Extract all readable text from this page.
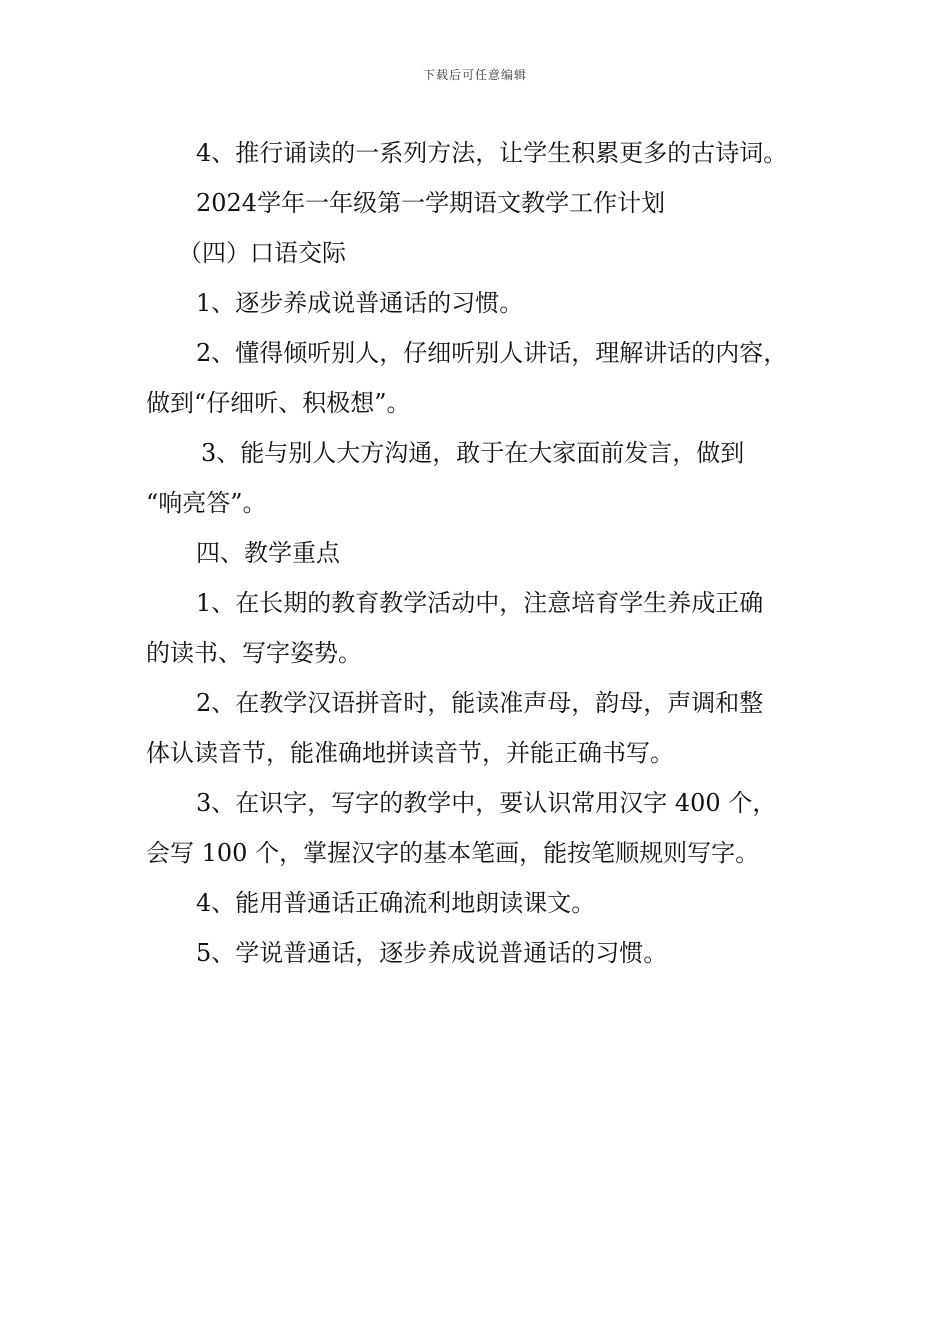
下载后可任意编辑
4、推行诵读的一系列方法，让学生积累更多的古诗词。
2024学年一年级第一学期语文教学工作计划
（四）口语交际
1、逐步养成说普通话的习惯。
2、懂得倾听别人，仔细听别人讲话，理解讲话的内容，
做到“仔细听、积极想”。
3、能与别人大方沟通，敢于在大家面前发言，做到
“响亮答”。
四、教学重点
1、在长期的教育教学活动中，注意培育学生养成正确
的读书、写字姿势。
2、在教学汉语拼音时，能读准声母，韵母，声调和整
体认读音节，能准确地拼读音节，并能正确书写。
3、在识字，写字的教学中，要认识常用汉字 400 个，
会写 100 个，掌握汉字的基本笔画，能按笔顺规则写字。
4、能用普通话正确流利地朗读课文。
5、学说普通话，逐步养成说普通话的习惯。
